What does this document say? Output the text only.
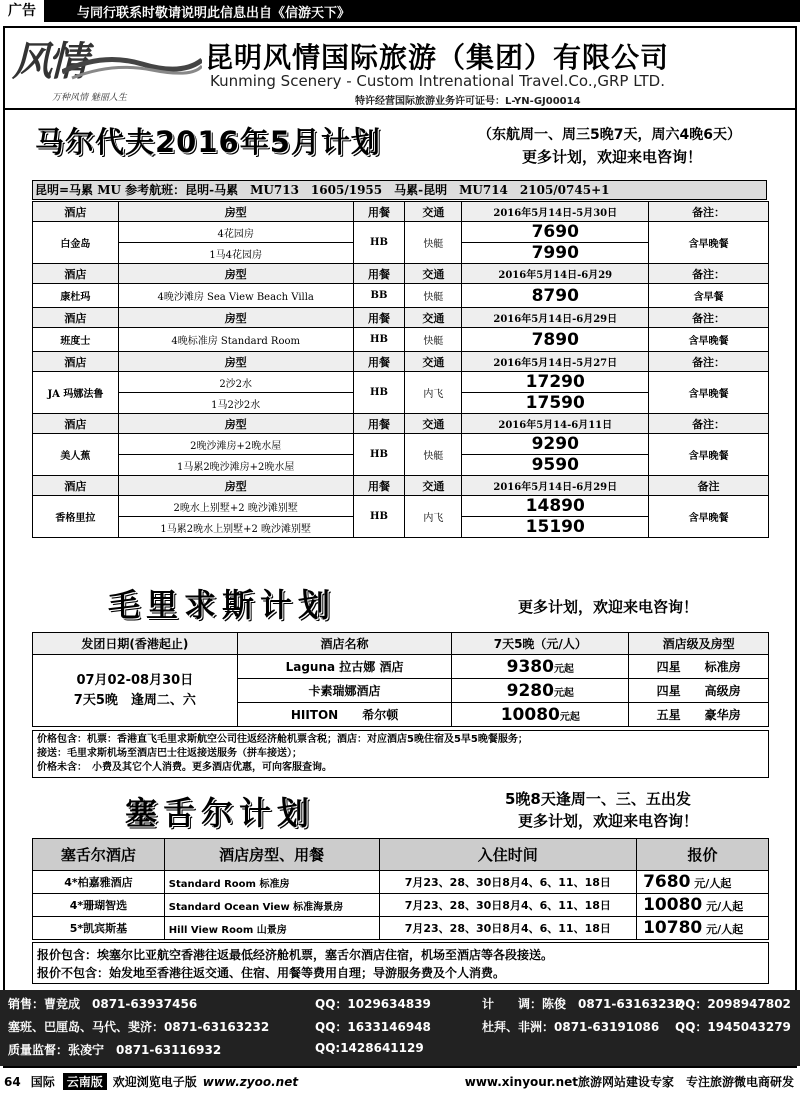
广告	与同行联系时敬请说明此信息出自《信游天下》
风情
万种风情 魅丽人生
昆明风情国际旅游（集团）有限公司
Kunming Scenery - Custom Intrenational Travel.Co.,GRP LTD.
特许经营国际旅游业务许可证号：L-YN-GJ00014
马尔代夫2016年5月计划	（东航周一、周三5晚7天，周六4晚6天）
更多计划，欢迎来电咨询！
昆明=马累 MU 参考航班：昆明-马累　MU713　1605/1955　马累-昆明　MU714　2105/0745+1
酒店	房型	用餐	交通	2016年5月14日-5月30日	备注：
白金岛	4花园房	HB	快艇	7690	含早晚餐
	1马4花园房			7990	
酒店	房型	用餐	交通	2016年5月14日-6月29	备注：
康杜玛	4晚沙滩房 Sea View Beach Villa	BB	快艇	8790	含早餐
酒店	房型	用餐	交通	2016年5月14日-6月29日	备注：
班度士	4晚标准房 Standard Room	HB	快艇	7890	含早晚餐
酒店	房型	用餐	交通	2016年5月14日-5月27日	备注：
JA 玛娜法鲁	2沙2水	HB	内飞	17290	含早晚餐
	1马2沙2水			17590	
酒店	房型	用餐	交通	2016年5月14-6月11日	备注：
美人蕉	2晚沙滩房+2晚水屋	HB	快艇	9290	含早晚餐
	1马累2晚沙滩房+2晚水屋			9590	
酒店	房型	用餐	交通	2016年5月14日-6月29日	备注
香格里拉	2晚水上别墅+2 晚沙滩别墅	HB	内飞	14890	含早晚餐
	1马累2晚水上别墅+2 晚沙滩别墅			15190	
毛里求斯计划	更多计划，欢迎来电咨询！
发团日期(香港起止)	酒店名称	7天5晚（元/人）	酒店级及房型

07月02-08月30日
7天5晚　逢周二、六	Laguna 拉古娜 酒店	9380元起	四星　　 标准房
	卡素瑞娜酒店	9280元起	四星　　 高级房
	HIITON　　希尔顿	10080元起	五星　　 豪华房
价格包含：机票：香港直飞毛里求斯航空公司往返经济舱机票含税；酒店：对应酒店5晚住宿及5早5晚餐服务；
接送：毛里求斯机场至酒店巴士往返接送服务（拼车接送）；
价格未含：　小费及其它个人消费。更多酒店优惠，可向客服查询。
塞舌尔计划	5晚8天逢周一、三、五出发
更多计划，欢迎来电咨询！
塞舌尔酒店	酒店房型、用餐	入住时间	报价
4*柏嘉雅酒店	Standard Room 标准房	7月23、28、30日8月4、6、11、18日	7680 元/人起
4*珊瑚智选	Standard Ocean View 标准海景房	7月23、28、30日8月4、6、11、18日	10080 元/人起
5*凯宾斯基	Hill View Room 山景房	7月23、28、30日8月4、6、11、18日	10780 元/人起
报价包含：埃塞尔比亚航空香港往返最低经济舱机票，塞舌尔酒店住宿，机场至酒店等各段接送。
报价不包含：始发地至香港往返交通、住宿、用餐等费用自理；导游服务费及个人消费。
销售：曹竞成　0871-63937456	QQ：1029634839	计　　调：陈俊　0871-63163232
QQ：2098947802
塞班、巴厘岛、马代、斐济：0871-63163232	QQ：1633146948	杜拜、非洲：0871-63191086 QQ：1945043279
质量监督：张凌宁　0871-63116932	QQ:1428641129
64 国际	云南版 欢迎浏览电子版 www.zyoo.net	www.xinyour.net旅游网站建设专家　专注旅游微电商研发
